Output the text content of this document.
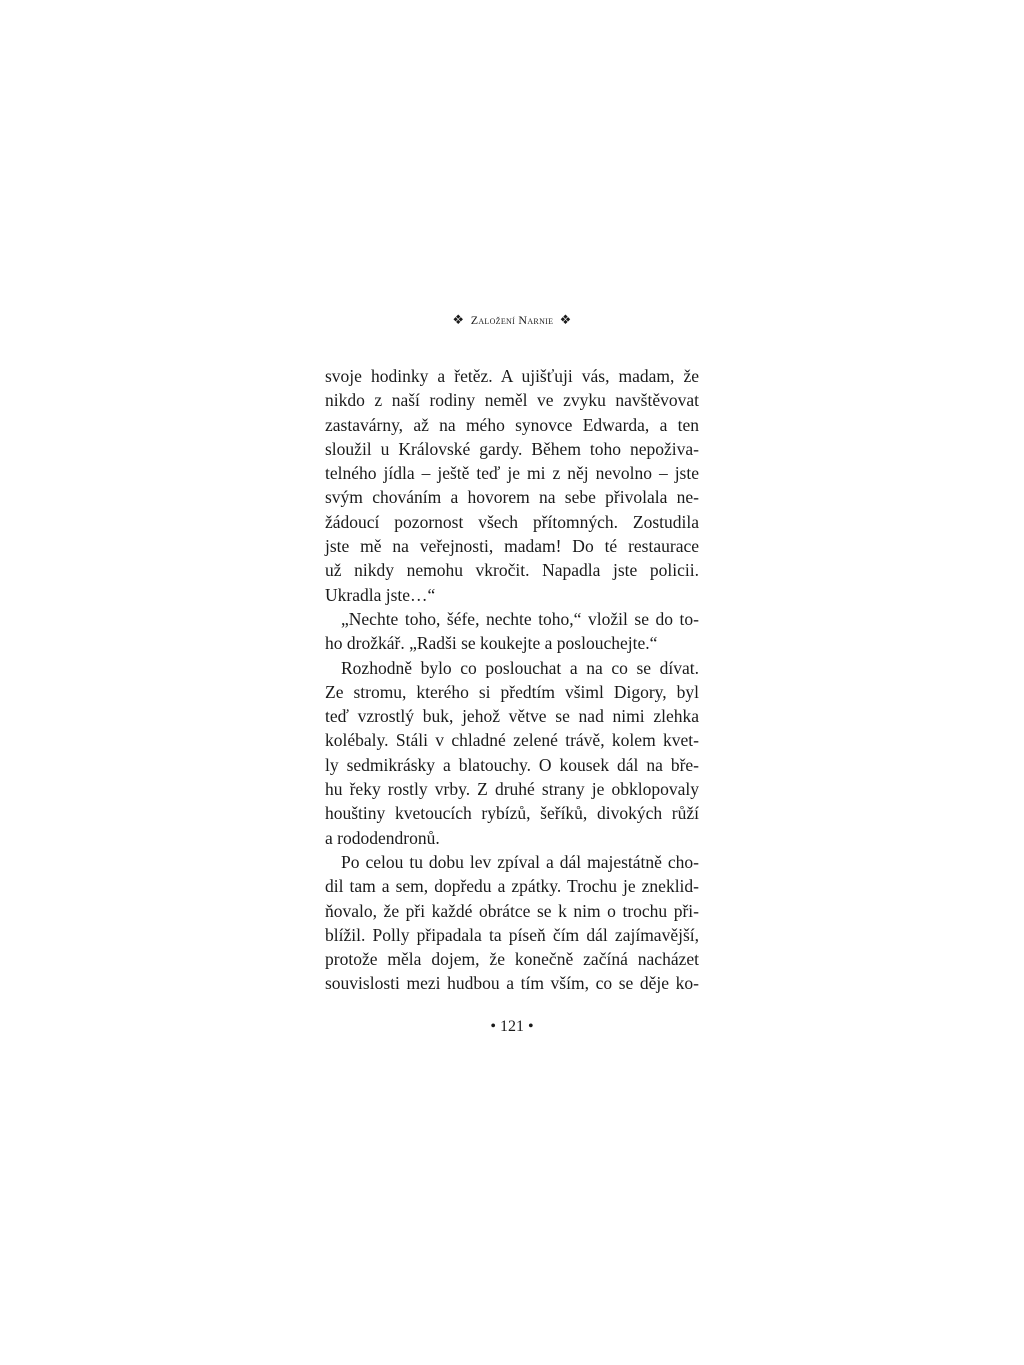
❖ Založení Narnie ❖
svoje hodinky a řetěz. A ujišťuji vás, madam, že
nikdo z naší rodiny neměl ve zvyku navštěvovat
zastavárny, až na mého synovce Edwarda, a ten
sloužil u Královské gardy. Během toho nepoživa-
telného jídla – ještě teď je mi z něj nevolno – jste
svým chováním a hovorem na sebe přivolala ne-
žádoucí pozornost všech přítomných. Zostudila
jste mě na veřejnosti, madam! Do té restaurace
už nikdy nemohu vkročit. Napadla jste policii.
Ukradla jste…“
„Nechte toho, šéfe, nechte toho,“ vložil se do to-
ho drožkář. „Radši se koukejte a poslouchejte.“
Rozhodně bylo co poslouchat a na co se dívat.
Ze stromu, kterého si předtím všiml Digory, byl
teď vzrostlý buk, jehož větve se nad nimi zlehka
kolébaly. Stáli v chladné zelené trávě, kolem kvet-
ly sedmikrásky a blatouchy. O kousek dál na bře-
hu řeky rostly vrby. Z druhé strany je obklopovaly
houštiny kvetoucích rybízů, šeříků, divokých růží
a rododendronů.
Po celou tu dobu lev zpíval a dál majestátně cho-
dil tam a sem, dopředu a zpátky. Trochu je zneklid-
ňovalo, že při každé obrátce se k nim o trochu při-
blížil. Polly připadala ta píseň čím dál zajímavější,
protože měla dojem, že konečně začíná nacházet
souvislosti mezi hudbou a tím vším, co se děje ko-
• 121 •
